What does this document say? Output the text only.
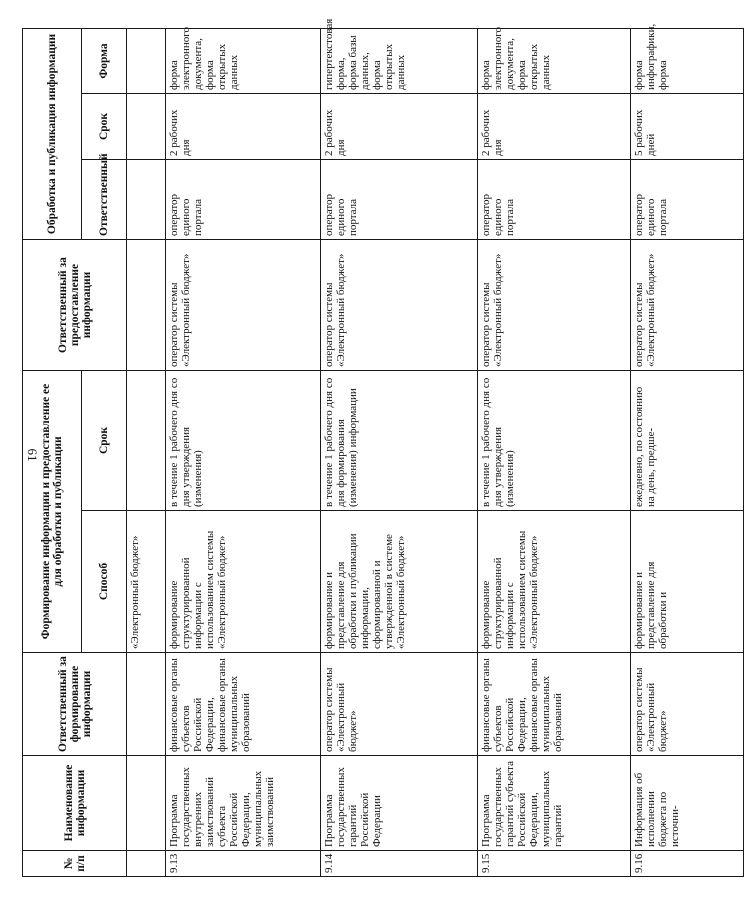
61
№ п/п	Наименование информации	Ответственный за формирование информации	Формирование информации и предоставление ее для обработки и публикации		Ответственный за предоставление информации	Обработка и публикация информации		
			Способ	Срок		Ответственный	Срок	Форма
			«Электронный бюджет»					
9.13	Программа государственных внутренних заимствований субъекта Российской Федерации, муниципальных заимствований	финансовые органы субъектов Российской Федерации, финансовые органы муниципальных образований	формирование структурированной информации с использованием системы «Электронный бюджет»	в течение 1 рабочего дня со дня утверждения (изменения)	оператор системы «Электронный бюджет»	оператор единого портала	2 рабочих дня	форма электронного документа, форма открытых данных
9.14	Программа государственных гарантий Российской Федерации	оператор системы «Электронный бюджет»	формирование и представление для обработки и публикации информации, сформированной и утвержденной в системе «Электронный бюджет»	в течение 1 рабочего дня со дня формирования (изменения) информации	оператор системы «Электронный бюджет»	оператор единого портала	2 рабочих дня	гипертекстовая форма, форма базы данных, форма открытых данных
9.15	Программа государственных гарантий субъекта Российской Федерации, муниципальных гарантий	финансовые органы субъектов Российской Федерации, финансовые органы муниципальных образований	формирование структурированной информации с использованием системы «Электронный бюджет»	в течение 1 рабочего дня со дня утверждения (изменения)	оператор системы «Электронный бюджет»	оператор единого портала	2 рабочих дня	форма электронного документа, форма открытых данных
9.16	Информация об исполнении бюджета по источни-	оператор системы «Электронный бюджет»	формирование и представление для обработки и	ежедневно, по состоянию на день, предше-	оператор системы «Электронный бюджет»	оператор единого портала	5 рабочих дней	форма инфографики, форма
